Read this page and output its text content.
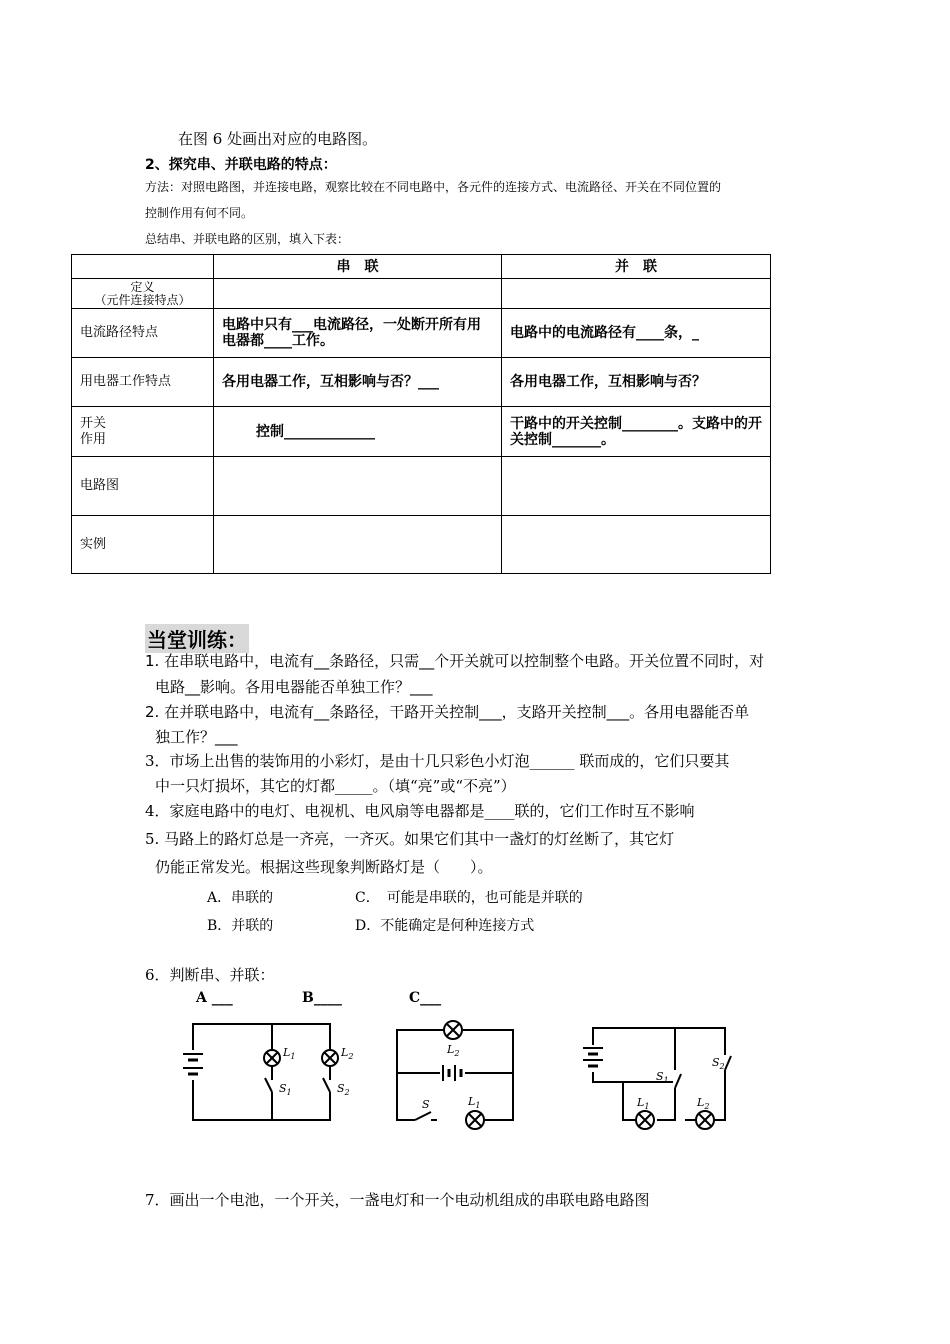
在图 6 处画出对应的电路图。
2、探究串、并联电路的特点：
方法：对照电路图，并连接电路，观察比较在不同电路中，各元件的连接方式、电流路径、开关在不同位置的
控制作用有何不同。
总结串、并联电路的区别，填入下表：
	串　联	并　联

定义
（元件连接特点）		

电流路径特点	电路中只有___电流路径，一处断开所有用电器都____工作。	电路中的电流路径有____条，_
用电器工作特点	各用电器工作，互相影响与否？___	各用电器工作，互相影响与否？

开关
作用	控制_____________	干路中的开关控制________。支路中的开关控制_______。
电路图		
实例		
当堂训练：
1. 在串联电路中，电流有__条路径，只需__个开关就可以控制整个电路。开关位置不同时，对
电路__影响。各用电器能否单独工作？___
2. 在并联电路中，电流有__条路径，干路开关控制___，支路开关控制___。各用电器能否单
独工作？___
3．市场上出售的装饰用的小彩灯，是由十几只彩色小灯泡______ 联而成的，它们只要其
中一只灯损坏，其它的灯都_____。（填“亮”或“不亮”）
4．家庭电路中的电灯、电视机、电风扇等电器都是____联的，它们工作时互不影响
5. 马路上的路灯总是一齐亮，一齐灭。如果它们其中一盏灯的灯丝断了，其它灯
仍能正常发光。根据这些现象判断路灯是（　　）。
A．串联的	C．　可能是串联的，也可能是并联的
B．并联的	D．不能确定是何种连接方式
6．判断串、并联：
A ___	B____	C___
$L_1$
$S_1$
$L_2$
$S_2$
$L_2$
$L_1$
S
$S_1$
$S_2$
$L_1$	$L_2$
7．画出一个电池，一个开关，一盏电灯和一个电动机组成的串联电路电路图
